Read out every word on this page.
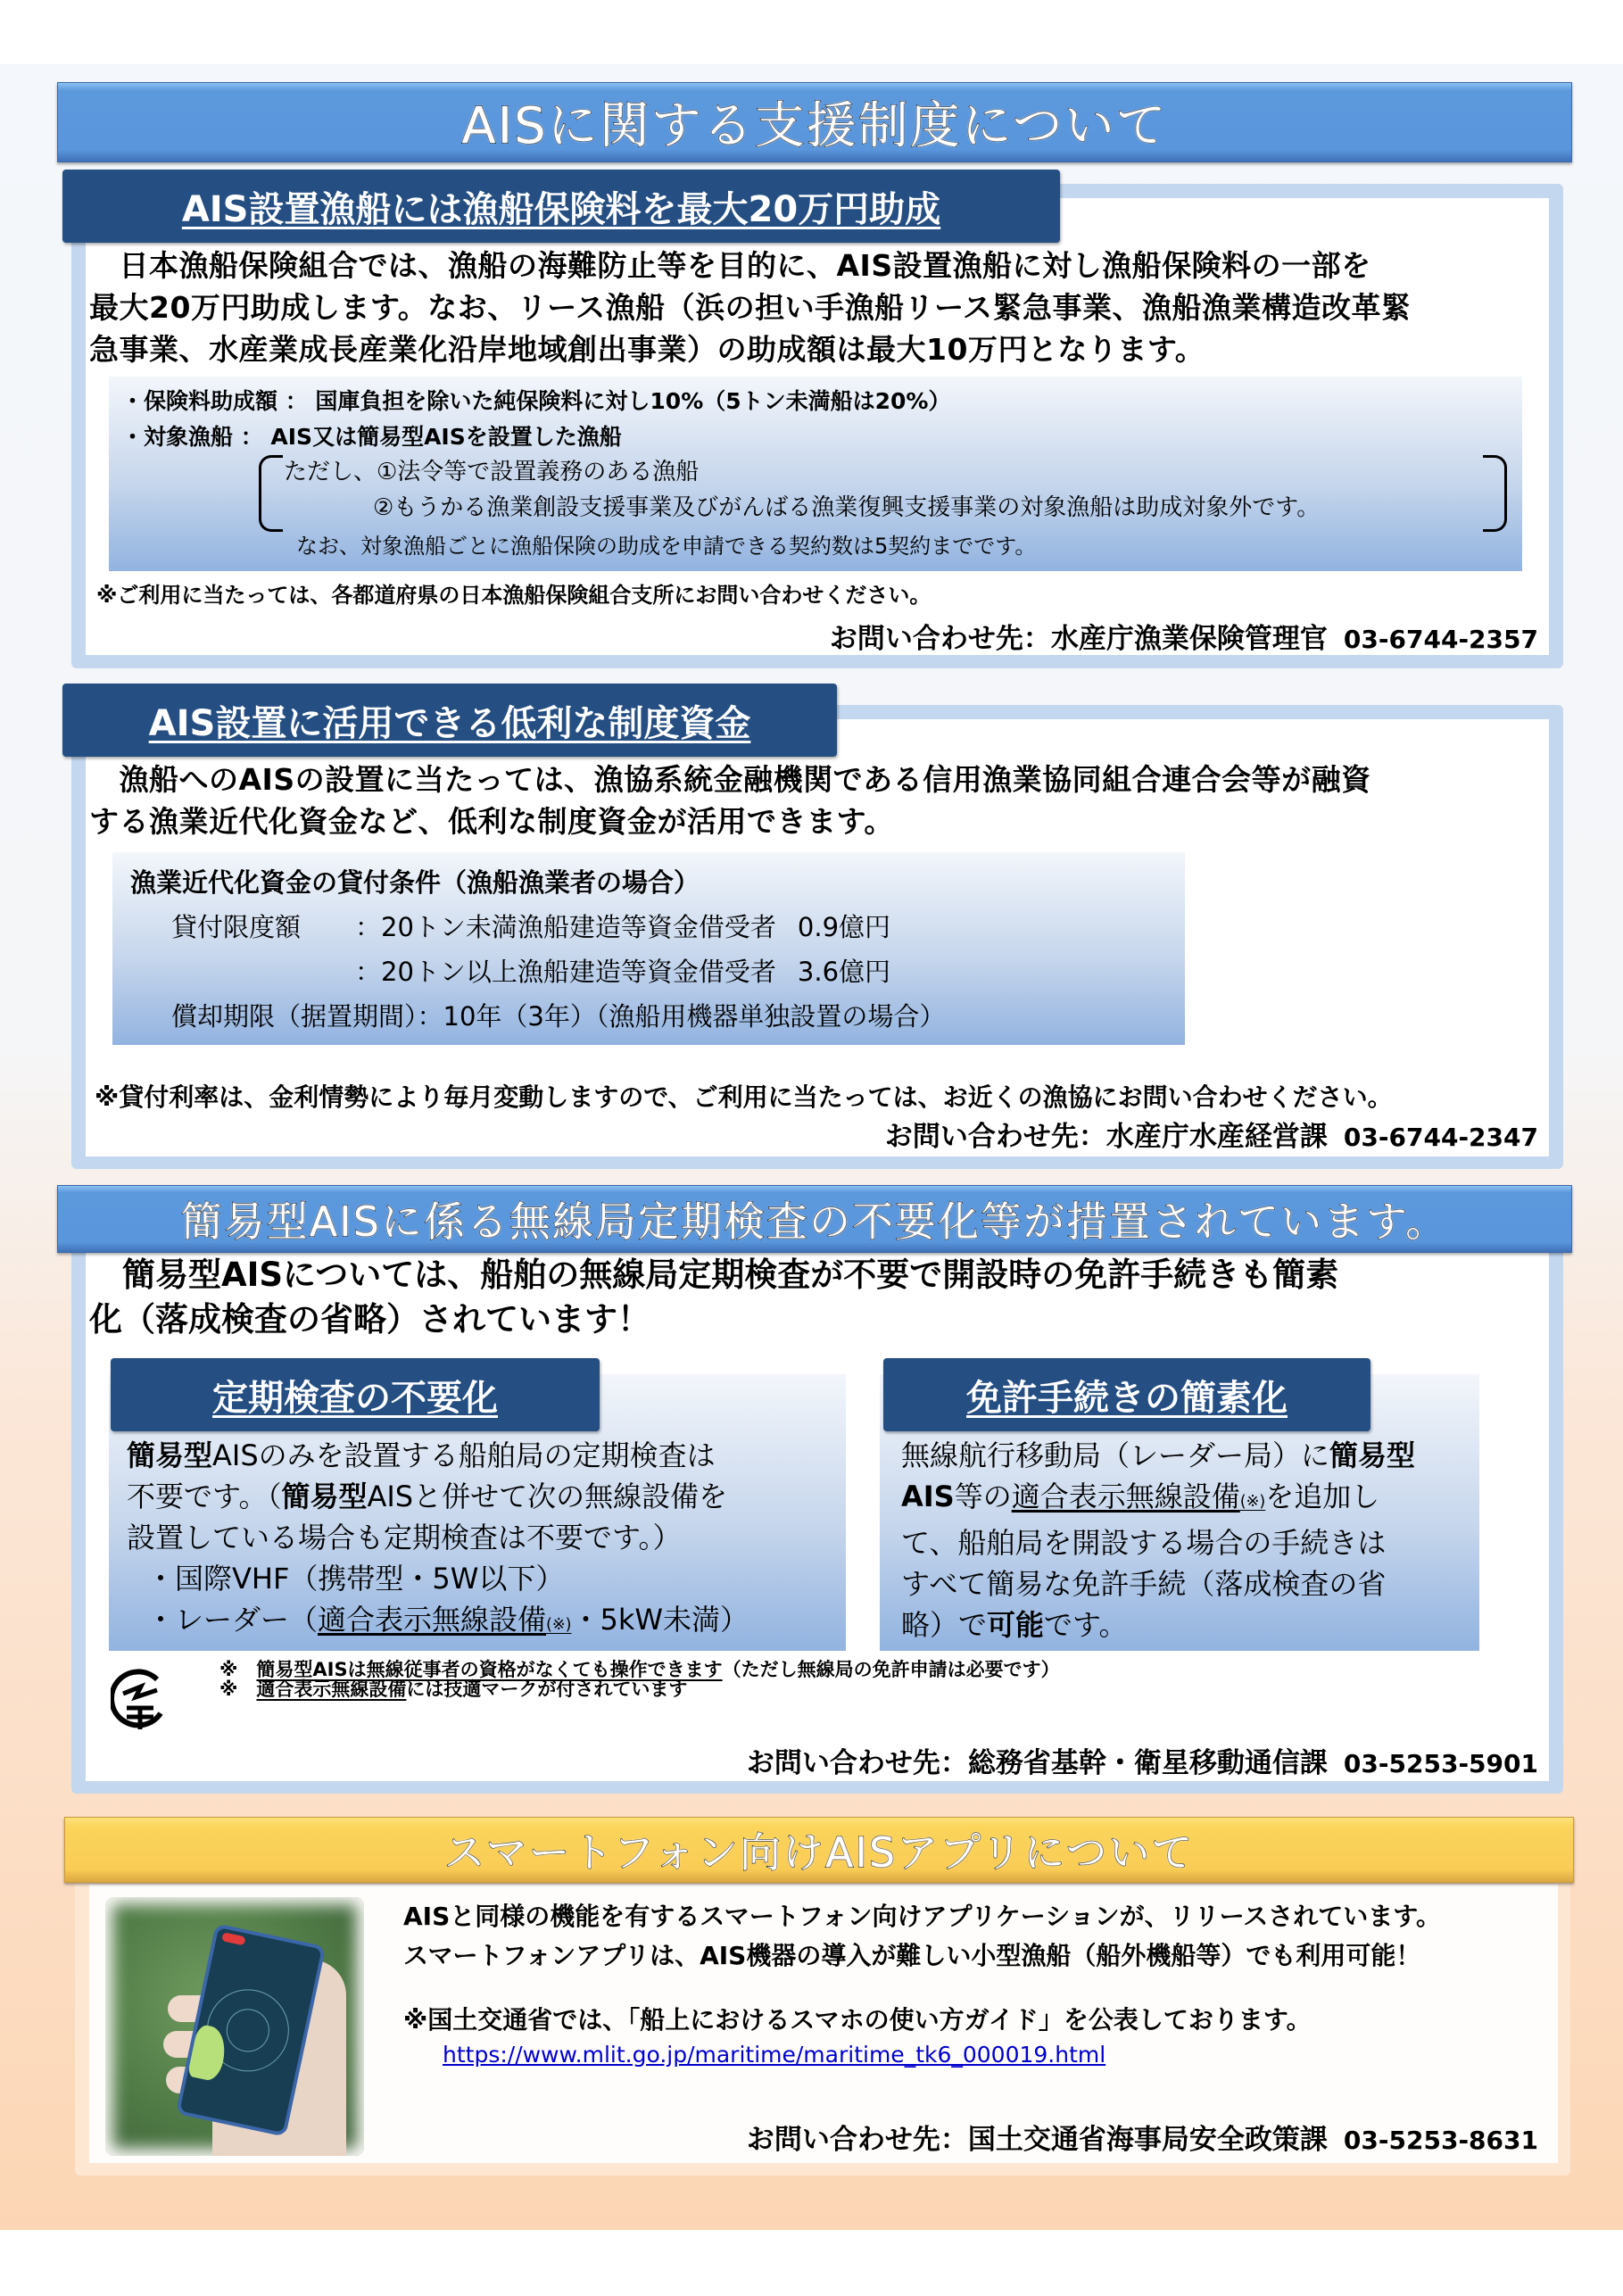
AISに関する支援制度について
AIS設置漁船には漁船保険料を最大20万円助成
　日本漁船保険組合では、漁船の海難防止等を目的に、AIS設置漁船に対し漁船保険料の一部を
最大20万円助成します。なお、リース漁船（浜の担い手漁船リース緊急事業、漁船漁業構造改革緊
急事業、水産業成長産業化沿岸地域創出事業）の助成額は最大10万円となります。
・保険料助成額 ： 国庫負担を除いた純保険料に対し10%（5トン未満船は20%）
・対象漁船 ： AIS又は簡易型AISを設置した漁船
ただし、①法令等で設置義務のある漁船
②もうかる漁業創設支援事業及びがんばる漁業復興支援事業の対象漁船は助成対象外です。
なお、対象漁船ごとに漁船保険の助成を申請できる契約数は5契約までです。
※ご利用に当たっては、各都道府県の日本漁船保険組合支所にお問い合わせください。
お問い合わせ先：水産庁漁業保険管理官 03-6744-2357
AIS設置に活用できる低利な制度資金
　漁船へのAISの設置に当たっては、漁協系統金融機関である信用漁業協同組合連合会等が融資
する漁業近代化資金など、低利な制度資金が活用できます。
漁業近代化資金の貸付条件（漁船漁業者の場合）
貸付限度額 ：20トン未満漁船建造等資金借受者 0.9億円
：20トン以上漁船建造等資金借受者 3.6億円
償却期限（据置期間）：10年（3年）（漁船用機器単独設置の場合）
※貸付利率は、金利情勢により毎月変動しますので、ご利用に当たっては、お近くの漁協にお問い合わせください。
お問い合わせ先：水産庁水産経営課 03-6744-2347
簡易型AISに係る無線局定期検査の不要化等が措置されています。
　簡易型AISについては、船舶の無線局定期検査が不要で開設時の免許手続きも簡素
化（落成検査の省略）されています！
定期検査の不要化
簡易型AISのみを設置する船舶局の定期検査は
不要です。（簡易型AISと併せて次の無線設備を
設置している場合も定期検査は不要です。）
・国際VHF（携帯型・5W以下）
・レーダー（適合表示無線設備(※)・5kW未満）
免許手続きの簡素化
無線航行移動局（レーダー局）に簡易型
AIS等の適合表示無線設備(※)を追加し
て、船舶局を開設する場合の手続きは
すべて簡易な免許手続（落成検査の省
略）で可能です。
※　 簡易型AISは無線従事者の資格がなくても操作できます（ただし無線局の免許申請は必要です）
※　 適合表示無線設備には技適マークが付されています
お問い合わせ先：総務省基幹・衛星移動通信課 03-5253-5901
スマートフォン向けAISアプリについて
AISと同様の機能を有するスマートフォン向けアプリケーションが、リリースされています。
スマートフォンアプリは、AIS機器の導入が難しい小型漁船（船外機船等）でも利用可能！
※国土交通省では、「船上におけるスマホの使い方ガイド」を公表しております。
https://www.mlit.go.jp/maritime/maritime_tk6_000019.html
お問い合わせ先：国土交通省海事局安全政策課 03-5253-8631
